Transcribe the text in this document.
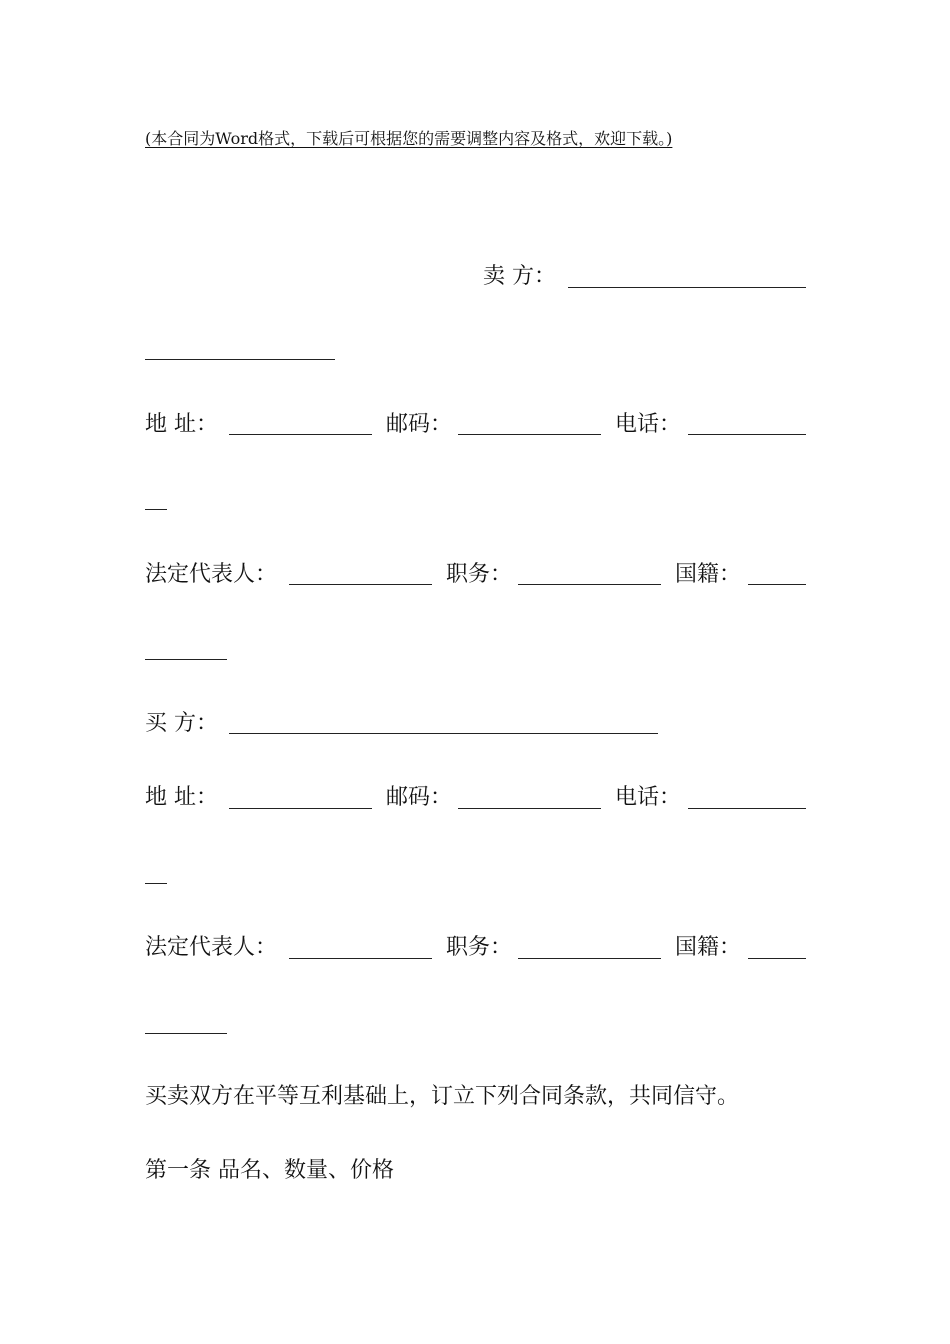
(本合同为Word格式，下载后可根据您的需要调整内容及格式，欢迎下载。)
卖 方：
地 址：	邮码：	电话：
法定代表人：	职务：	国籍：
买 方：
地 址：	邮码：	电话：
法定代表人：	职务：	国籍：
买卖双方在平等互利基础上，订立下列合同条款，共同信守。
第一条 品名、数量、价格
